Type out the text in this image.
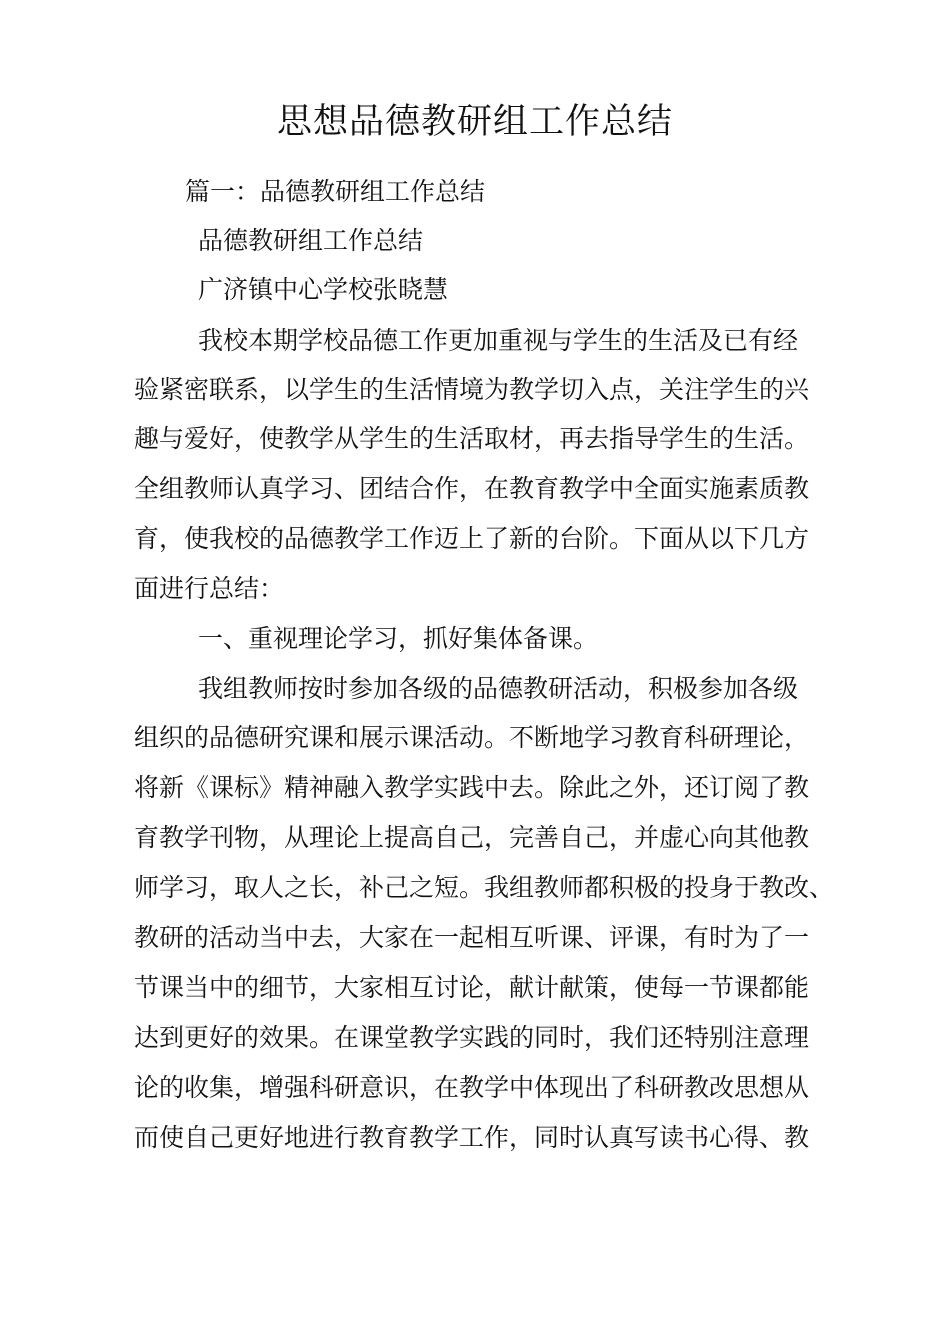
思想品德教研组工作总结
篇一：品德教研组工作总结
品德教研组工作总结
广济镇中心学校张晓慧
我校本期学校品德工作更加重视与学生的生活及已有经
验紧密联系，以学生的生活情境为教学切入点，关注学生的兴
趣与爱好，使教学从学生的生活取材，再去指导学生的生活。
全组教师认真学习、团结合作，在教育教学中全面实施素质教
育，使我校的品德教学工作迈上了新的台阶。下面从以下几方
面进行总结：
一、重视理论学习，抓好集体备课。
我组教师按时参加各级的品德教研活动，积极参加各级
组织的品德研究课和展示课活动。不断地学习教育科研理论，
将新《课标》精神融入教学实践中去。除此之外，还订阅了教
育教学刊物，从理论上提高自己，完善自己，并虚心向其他教
师学习，取人之长，补己之短。我组教师都积极的投身于教改、
教研的活动当中去，大家在一起相互听课、评课，有时为了一
节课当中的细节，大家相互讨论，献计献策，使每一节课都能
达到更好的效果。在课堂教学实践的同时，我们还特别注意理
论的收集，增强科研意识，在教学中体现出了科研教改思想从
而使自己更好地进行教育教学工作，同时认真写读书心得、教
